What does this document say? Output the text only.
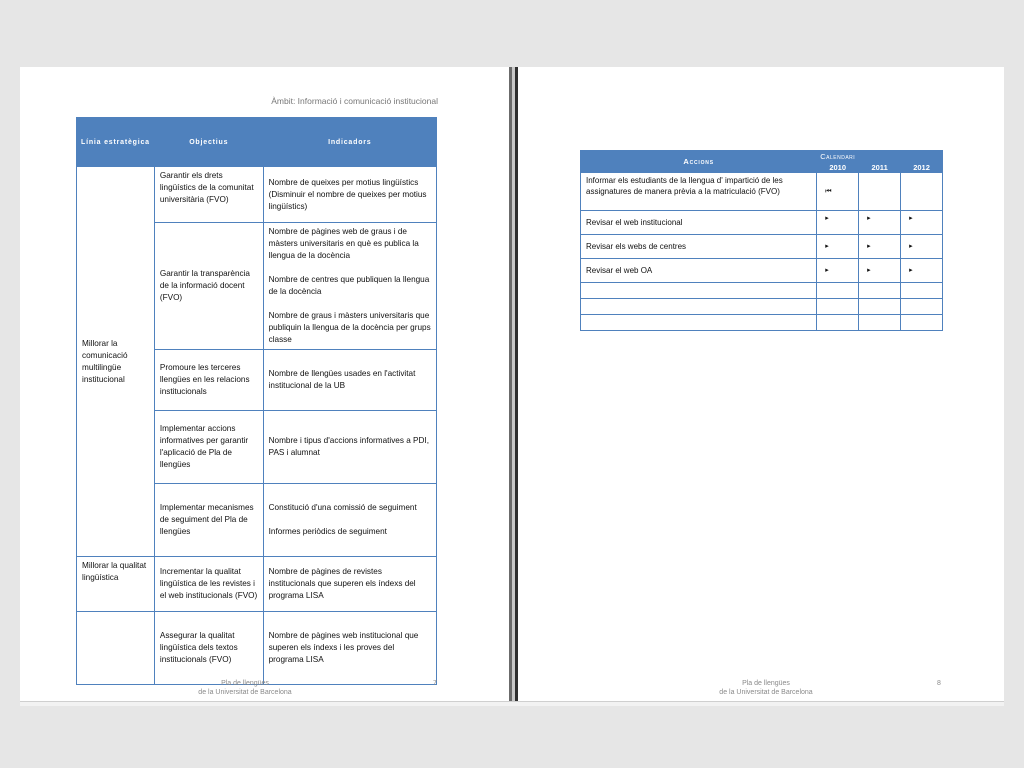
Àmbit: Informació i comunicació institucional
Línia estratègica	Objectius	Indicadors
Millorar la comunicació multilingüe institucional	Garantir els drets lingüístics de la comunitat universitària (FVO)	Nombre de queixes per motius lingüístics (Disminuir el nombre de queixes per motius lingüístics)
	Garantir la transparència de la informació docent (FVO)	Nombre de pàgines web de graus i de màsters universitaris en què es publica la llengua de la docència
Nombre de centres que publiquen la llengua de la docència
Nombre de graus i màsters universitaris que publiquin la llengua de la docència per grups classe
	Promoure les terceres llengües en les relacions institucionals	Nombre de llengües usades en l'activitat institucional de la UB
	Implementar accions informatives per garantir l'aplicació de Pla de llengües	Nombre i tipus d'accions informatives a PDI, PAS i alumnat
	Implementar mecanismes de seguiment del Pla de llengües	Constitució d'una comissió de seguiment
Informes periòdics de seguiment
Millorar la qualitat lingüística	Incrementar la qualitat lingüística de les revistes i el web institucionals (FVO)	Nombre de pàgines de revistes institucionals que superen els índexs del programa LISA
	Assegurar la qualitat lingüística dels textos institucionals (FVO)	Nombre de pàgines web institucional que superen els índexs i les proves del programa LISA
Pla de llengües
de la Universitat de Barcelona
7
Accions	Calendari		
	2010	2011	2012
Informar els estudiants de la llengua d' impartició de les assignatures de manera prèvia a la matriculació (FVO)	⏮		
Revisar el web institucional	▸	▸	▸
Revisar els webs de centres	▸	▸	▸
Revisar el web OA	▸	▸	▸

Pla de llengües
de la Universitat de Barcelona
8
